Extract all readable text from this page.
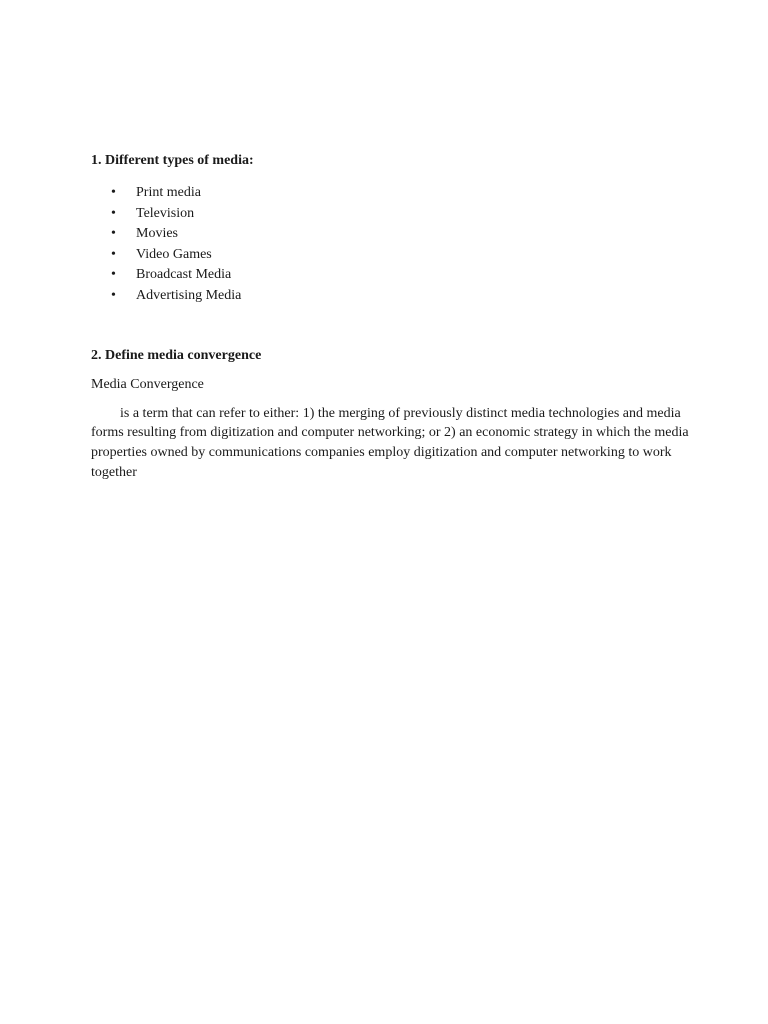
1. Different types of media:

• Print media
• Television
• Movies
• Video Games
• Broadcast Media
• Advertising Media

2. Define media convergence

Media Convergence

is a term that can refer to either: 1) the merging of previously distinct media technologies and media forms resulting from digitization and computer networking; or 2) an economic strategy in which the media properties owned by communications companies employ digitization and computer networking to work together
